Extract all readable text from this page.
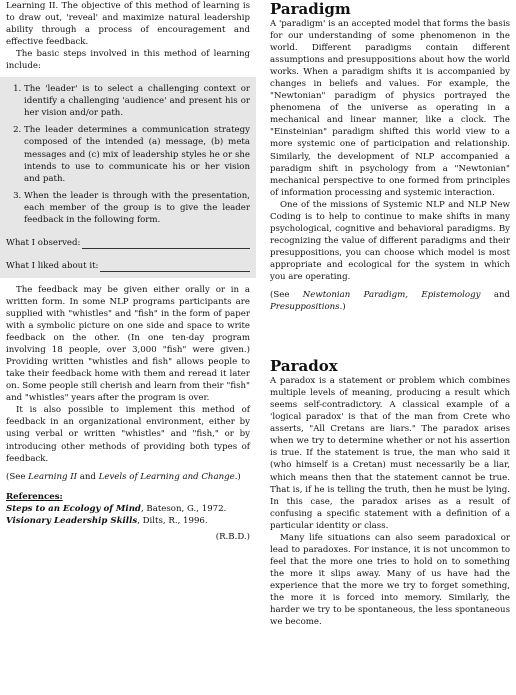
Learning II. The objective of this method of learning is to draw out, 'reveal' and maximize natural leadership ability through a process of encouragement and effective feedback.

The basic steps involved in this method of learning include:

1. The 'leader' is to select a challenging context or identify a challenging 'audience' and present his or her vision and/or path.
2. The leader determines a communication strategy composed of the intended (a) message, (b) meta messages and (c) mix of leadership styles he or she intends to use to communicate his or her vision and path.
3. When the leader is through with the presentation, each member of the group is to give the leader feedback in the following form.
What I observed:
What I liked about it:

The feedback may be given either orally or in a written form. In some NLP programs participants are supplied with "whistles" and "fish" in the form of paper with a symbolic picture on one side and space to write feedback on the other. (In one ten-day program involving 18 people, over 3,000 "fish" were given.) Providing written "whistles and fish" allows people to take their feedback home with them and reread it later on. Some people still cherish and learn from their "fish" and "whistles" years after the program is over.

It is also possible to implement this method of feedback in an organizational environment, either by using verbal or written "whistles" and "fish," or by introducing other methods of providing both types of feedback.

(See Learning II and Levels of Learning and Change.)

References:

Steps to an Ecology of Mind, Bateson, G., 1972.

Visionary Leadership Skills, Dilts, R., 1996.

(R.B.D.)

Paradigm

A 'paradigm' is an accepted model that forms the basis for our understanding of some phenomenon in the world. Different paradigms contain different assumptions and presuppositions about how the world works. When a paradigm shifts it is accompanied by changes in beliefs and values. For example, the "Newtonian" paradigm of physics portrayed the phenomena of the universe as operating in a mechanical and linear manner, like a clock. The "Einsteinian" paradigm shifted this world view to a more systemic one of participation and relationship. Similarly, the development of NLP accompanied a paradigm shift in psychology from a "Newtonian" mechanical perspective to one formed from principles of information processing and systemic interaction.

One of the missions of Systemic NLP and NLP New Coding is to help to continue to make shifts in many psychological, cognitive and behavioral paradigms. By recognizing the value of different paradigms and their presuppositions, you can choose which model is most appropriate and ecological for the system in which you are operating.

(See Newtonian Paradigm, Epistemology and Presuppositions.)

Paradox

A paradox is a statement or problem which combines multiple levels of meaning, producing a result which seems self-contradictory. A classical example of a 'logical paradox' is that of the man from Crete who asserts, "All Cretans are liars." The paradox arises when we try to determine whether or not his assertion is true. If the statement is true, the man who said it (who himself is a Cretan) must necessarily be a liar, which means then that the statement cannot be true. That is, if he is telling the truth, then he must be lying. In this case, the paradox arises as a result of confusing a specific statement with a definition of a particular identity or class.

Many life situations can also seem paradoxical or lead to paradoxes. For instance, it is not uncommon to feel that the more one tries to hold on to something the more it slips away. Many of us have had the experience that the more we try to forget something, the more it is forced into memory. Similarly, the harder we try to be spontaneous, the less spontaneous we become.
